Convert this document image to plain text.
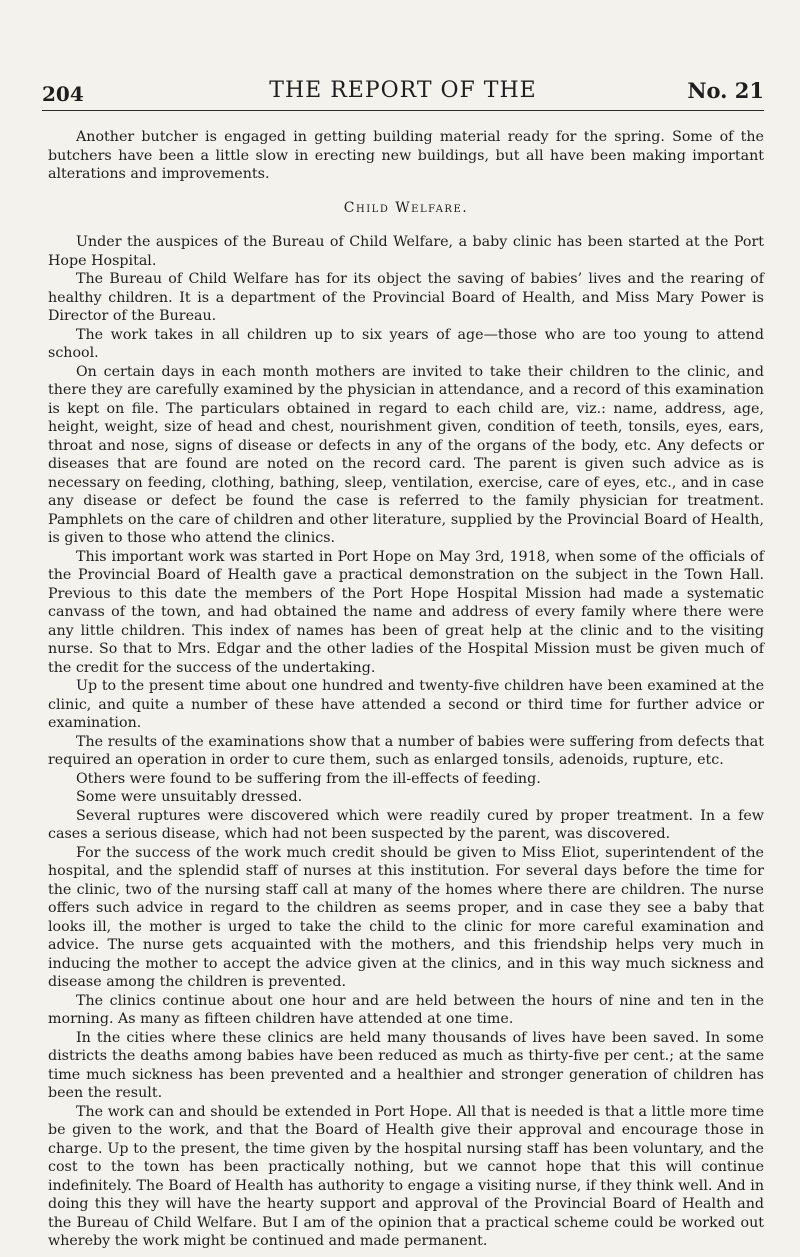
204	THE REPORT OF THE	No. 21

Another butcher is engaged in getting building material ready for the spring. Some of the butchers have been a little slow in erecting new buildings, but all have been making important alterations and improvements.

Child Welfare.

Under the auspices of the Bureau of Child Welfare, a baby clinic has been started at the Port Hope Hospital.

The Bureau of Child Welfare has for its object the saving of babies’ lives and the rearing of healthy children. It is a department of the Provincial Board of Health, and Miss Mary Power is Director of the Bureau.

The work takes in all children up to six years of age—those who are too young to attend school.

On certain days in each month mothers are invited to take their children to the clinic, and there they are carefully examined by the physician in attendance, and a record of this examination is kept on file. The particulars obtained in regard to each child are, viz.: name, address, age, height, weight, size of head and chest, nourishment given, condition of teeth, tonsils, eyes, ears, throat and nose, signs of disease or defects in any of the organs of the body, etc. Any defects or diseases that are found are noted on the record card. The parent is given such advice as is necessary on feeding, clothing, bathing, sleep, ventilation, exercise, care of eyes, etc., and in case any disease or defect be found the case is referred to the family physician for treatment. Pamphlets on the care of children and other literature, supplied by the Provincial Board of Health, is given to those who attend the clinics.

This important work was started in Port Hope on May 3rd, 1918, when some of the officials of the Provincial Board of Health gave a practical demonstration on the subject in the Town Hall. Previous to this date the members of the Port Hope Hospital Mission had made a systematic canvass of the town, and had obtained the name and address of every family where there were any little children. This index of names has been of great help at the clinic and to the visiting nurse. So that to Mrs. Edgar and the other ladies of the Hospital Mission must be given much of the credit for the success of the undertaking.

Up to the present time about one hundred and twenty-five children have been examined at the clinic, and quite a number of these have attended a second or third time for further advice or examination.

The results of the examinations show that a number of babies were suffering from defects that required an operation in order to cure them, such as enlarged tonsils, adenoids, rupture, etc.

Others were found to be suffering from the ill-effects of feeding.

Some were unsuitably dressed.

Several ruptures were discovered which were readily cured by proper treatment. In a few cases a serious disease, which had not been suspected by the parent, was discovered.

For the success of the work much credit should be given to Miss Eliot, superintendent of the hospital, and the splendid staff of nurses at this institution. For several days before the time for the clinic, two of the nursing staff call at many of the homes where there are children. The nurse offers such advice in regard to the children as seems proper, and in case they see a baby that looks ill, the mother is urged to take the child to the clinic for more careful examination and advice. The nurse gets acquainted with the mothers, and this friendship helps very much in inducing the mother to accept the advice given at the clinics, and in this way much sickness and disease among the children is prevented.

The clinics continue about one hour and are held between the hours of nine and ten in the morning. As many as fifteen children have attended at one time.

In the cities where these clinics are held many thousands of lives have been saved. In some districts the deaths among babies have been reduced as much as thirty-five per cent.; at the same time much sickness has been prevented and a healthier and stronger generation of children has been the result.

The work can and should be extended in Port Hope. All that is needed is that a little more time be given to the work, and that the Board of Health give their approval and encourage those in charge. Up to the present, the time given by the hospital nursing staff has been voluntary, and the cost to the town has been practically nothing, but we cannot hope that this will continue indefinitely. The Board of Health has authority to engage a visiting nurse, if they think well. And in doing this they will have the hearty support and approval of the Provincial Board of Health and the Bureau of Child Welfare. But I am of the opinion that a practical scheme could be worked out whereby the work might be continued and made permanent.
